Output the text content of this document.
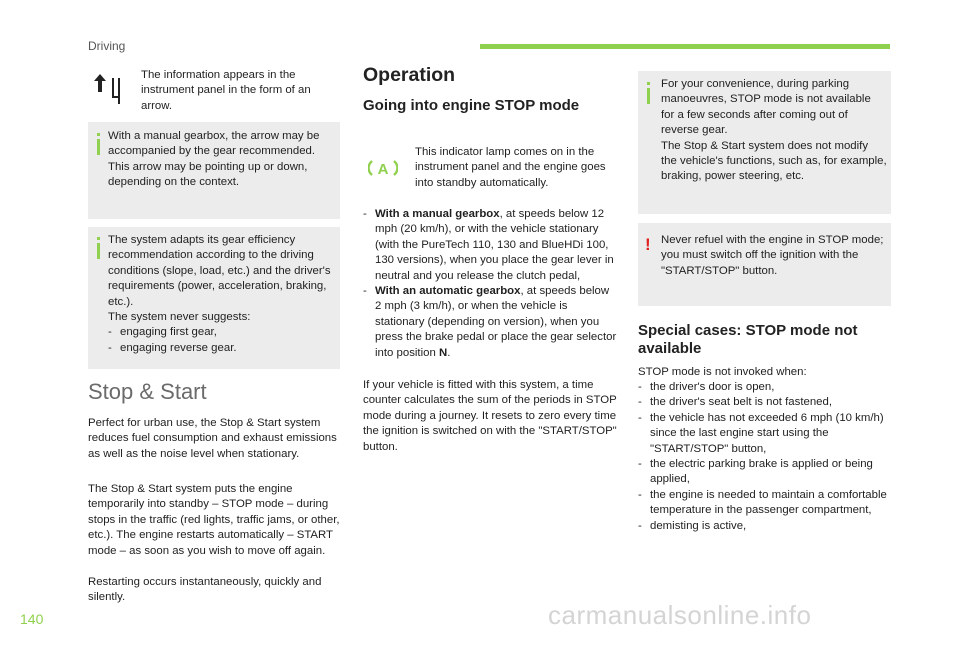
Driving

The information appears in the instrument panel in the form of an arrow.

With a manual gearbox, the arrow may be accompanied by the gear recommended. This arrow may be pointing up or down, depending on the context.

The system adapts its gear efficiency recommendation according to the driving conditions (slope, load, etc.) and the driver's requirements (power, acceleration, braking, etc.).

The system never suggests:

- engaging first gear,
- engaging reverse gear.
Stop & Start

Perfect for urban use, the Stop & Start system reduces fuel consumption and exhaust emissions as well as the noise level when stationary.

The Stop & Start system puts the engine temporarily into standby – STOP mode – during stops in the traffic (red lights, traffic jams, or other, etc.). The engine restarts automatically – START mode – as soon as you wish to move off again.

Restarting occurs instantaneously, quickly and silently.

Operation
Going into engine STOP mode
A

This indicator lamp comes on in the instrument panel and the engine goes into standby automatically.

- With a manual gearbox, at speeds below 12 mph (20 km/h), or with the vehicle stationary (with the PureTech 110, 130 and BlueHDi 100, 130 versions), when you place the gear lever in neutral and you release the clutch pedal,
- With an automatic gearbox, at speeds below 2 mph (3 km/h), or when the vehicle is stationary (depending on version), when you press the brake pedal or place the gear selector into position N.

If your vehicle is fitted with this system, a time counter calculates the sum of the periods in STOP mode during a journey. It resets to zero every time the ignition is switched on with the "START/STOP" button.

For your convenience, during parking manoeuvres, STOP mode is not available for a few seconds after coming out of reverse gear.

The Stop & Start system does not modify the vehicle's functions, such as, for example, braking, power steering, etc.

! Never refuel with the engine in STOP mode; you must switch off the ignition with the "START/STOP" button.

Special cases: STOP mode not available

STOP mode is not invoked when:

- the driver's door is open,
- the driver's seat belt is not fastened,
- the vehicle has not exceeded 6 mph (10 km/h) since the last engine start using the "START/STOP" button,
- the electric parking brake is applied or being applied,
- the engine is needed to maintain a comfortable temperature in the passenger compartment,
- demisting is active,
140	carmanualsonline.info
